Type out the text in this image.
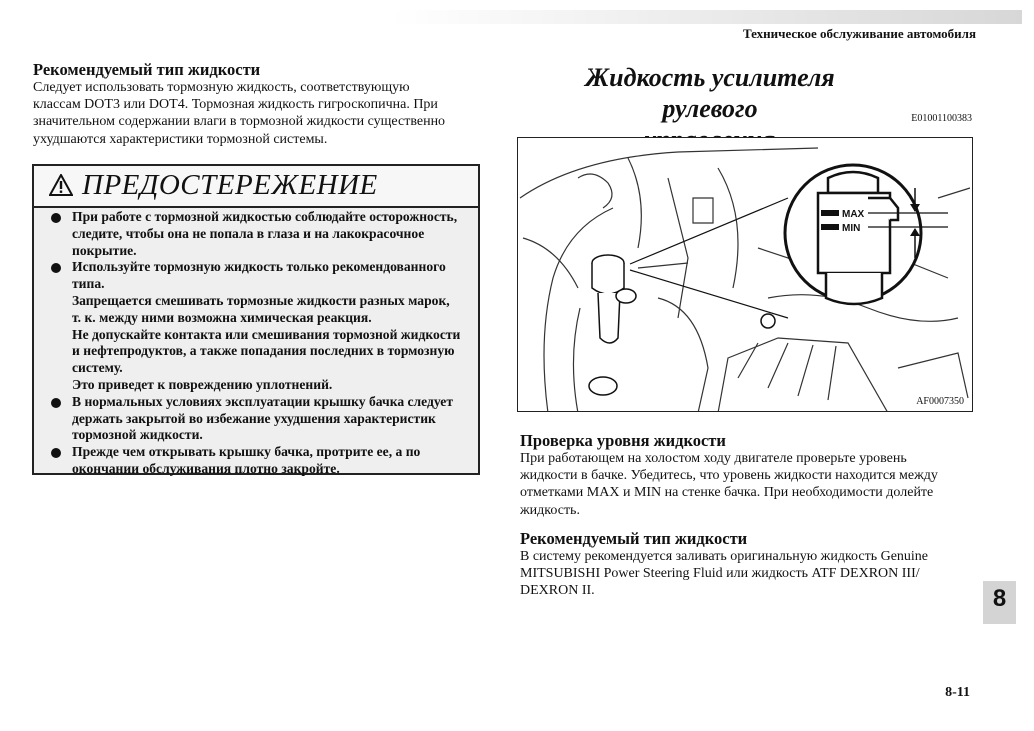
Техническое обслуживание автомобиля
Рекомендуемый тип жидкости
Следует использовать тормозную жидкость, соответствующую
классам DOT3 или DOT4. Тормозная жидкость гигроскопична. При
значительном содержании влаги в тормозной жидкости существенно
ухудшаются характеристики тормозной системы.
ПРЕДОСТЕРЕЖЕНИЕ
При работе с тормозной жидкостью соблюдайте осторожность,
следите, чтобы она не попала в глаза и на лакокрасочное
покрытие.
Используйте тормозную жидкость только рекомендованного
типа.
Запрещается смешивать тормозные жидкости разных марок,
т. к. между ними возможна химическая реакция.
Не допускайте контакта или смешивания тормозной жидкости
и нефтепродуктов, а также попадания последних в тормозную
систему.
Это приведет к повреждению уплотнений.
В нормальных условиях эксплуатации крышку бачка следует
держать закрытой во избежание ухудшения характеристик
тормозной жидкости.
Прежде чем открывать крышку бачка, протрите ее, а по
окончании обслуживания плотно закройте.
Жидкость усилителя рулевого	E01001100383
MAX
MIN
AF0007350
Проверка уровня жидкости
При работающем на холостом ходу двигателе проверьте уровень
жидкости в бачке. Убедитесь, что уровень жидкости находится между
отметками MAX и MIN на стенке бачка. При необходимости долейте
жидкость.
Рекомендуемый тип жидкости
В систему рекомендуется заливать оригинальную жидкость Genuine
MITSUBISHI Power Steering Fluid или жидкость ATF DEXRON III/
DEXRON II.	8
8-11
